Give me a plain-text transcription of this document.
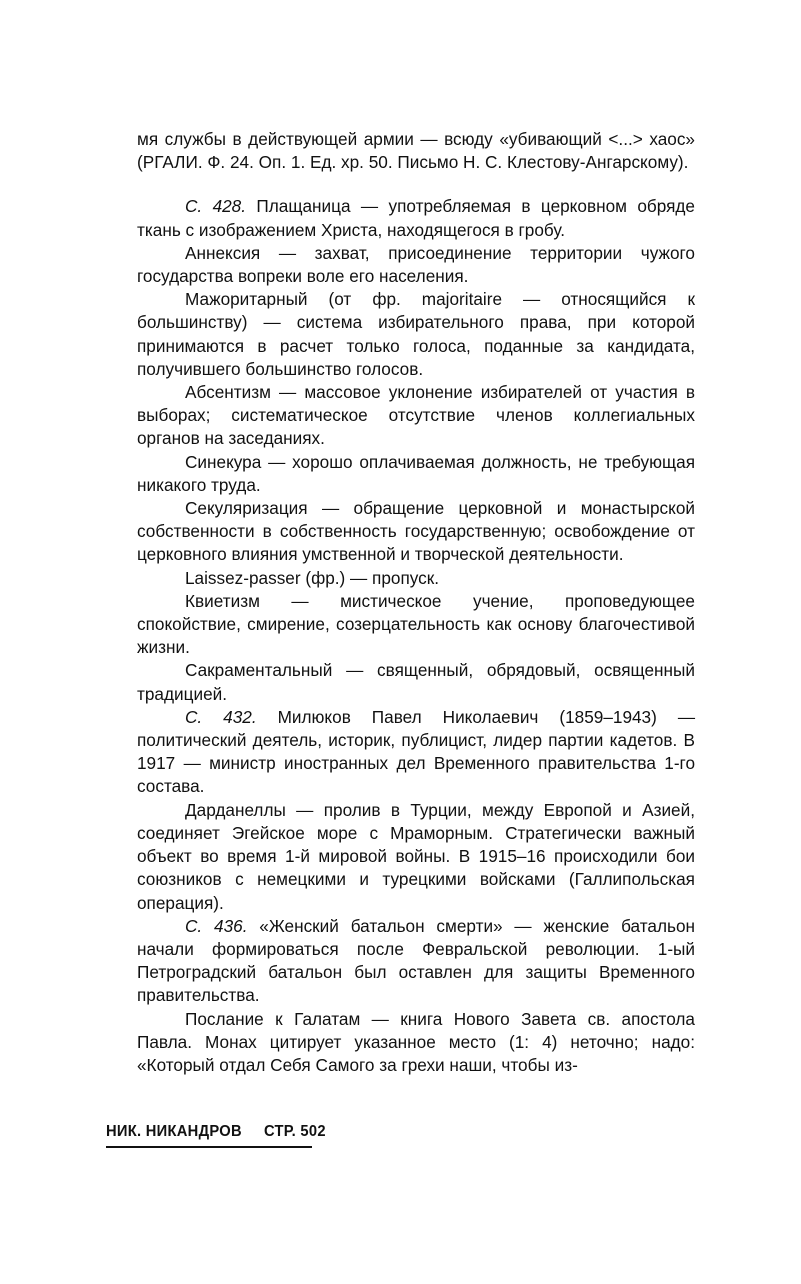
мя службы в действующей армии — всюду «убивающий <...> хаос» (РГАЛИ. Ф. 24. Оп. 1. Ед. хр. 50. Письмо Н. С. Клестову-Ангарскому).

С. 428. Плащаница — употребляемая в церковном обряде ткань с изображением Христа, находящегося в гробу.

Аннексия — захват, присоединение территории чужого государства вопреки воле его населения.

Мажоритарный (от фр. majoritaire — относящийся к большинству) — система избирательного права, при которой принимаются в расчет только голоса, поданные за кандидата, получившего большинство голосов.

Абсентизм — массовое уклонение избирателей от участия в выборах; систематическое отсутствие членов коллегиальных органов на заседаниях.

Синекура — хорошо оплачиваемая должность, не требующая никакого труда.

Секуляризация — обращение церковной и монастырской собственности в собственность государственную; освобождение от церковного влияния умственной и творческой деятельности.

Laissez-passer (фр.) — пропуск.

Квиетизм — мистическое учение, проповедующее спокойствие, смирение, созерцательность как основу благочестивой жизни.

Сакраментальный — священный, обрядовый, освященный традицией.

С. 432. Милюков Павел Николаевич (1859–1943) — политический деятель, историк, публицист, лидер партии кадетов. В 1917 — министр иностранных дел Временного правительства 1-го состава.

Дарданеллы — пролив в Турции, между Европой и Азией, соединяет Эгейское море с Мраморным. Стратегически важный объект во время 1-й мировой войны. В 1915–16 происходили бои союзников с немецкими и турецкими войсками (Галлипольская операция).

С. 436. «Женский батальон смерти» — женские батальон начали формироваться после Февральской революции. 1-ый Петроградский батальон был оставлен для защиты Временного правительства.

Послание к Галатам — книга Нового Завета св. апостола Павла. Монах цитирует указанное место (1: 4) неточно; надо: «Который отдал Себя Самого за грехи наши, чтобы из-

НИК. НИКАНДРОВ СТР. 502
